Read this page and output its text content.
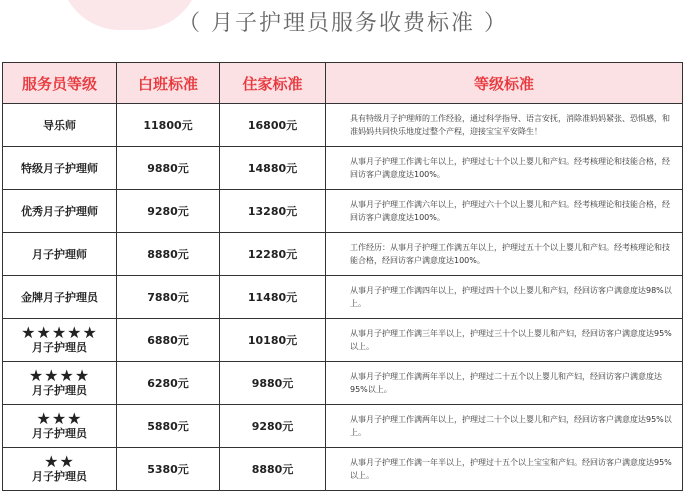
（ 月子护理员服务收费标准 ）
服务员等级	白班标准	住家标准	等级标准
导乐师	11800元	16800元	具有特级月子护理师的工作经验，通过科学指导、语言安抚，消除准妈妈紧张、恐惧感，和准妈妈共同快乐地度过整个产程，迎接宝宝平安降生！
特级月子护理师	9880元	14880元	从事月子护理工作满七年以上，护理过七十个以上婴儿和产妇。经考核理论和技能合格，经回访客户满意度达100%。
优秀月子护理师	9280元	13280元	从事月子护理工作满六年以上，护理过六十个以上婴儿和产妇。经考核理论和技能合格，经回访客户满意度达100%。
月子护理师	8880元	12280元	工作经历：从事月子护理工作满五年以上，护理过五十个以上婴儿和产妇。经考核理论和技能合格，经回访客户满意度达100%。
金牌月子护理员	7880元	11480元	从事月子护理工作满四年以上，护理过四十个以上婴儿和产妇，经回访客户满意度达98%以上。

★★★★★
月子护理员	6880元	10180元	从事月子护理工作满三年半以上，护理过三十个以上婴儿和产妇，经回访客户满意度达95%以上。

★★★★
月子护理员	6280元	9880元	从事月子护理工作满两年半以上，护理过二十五个以上婴儿和产妇，经回访客户满意度达95%以上。

★★★
月子护理员	5880元	9280元	从事月子护理工作满两年以上，护理过二十个以上婴儿和产妇，经回访客户满意度达95%以上。

★★
月子护理员	5380元	8880元	从事月子护理工作满一年半以上，护理过十五个以上宝宝和产妇。经回访客户满意度达95%以上。
